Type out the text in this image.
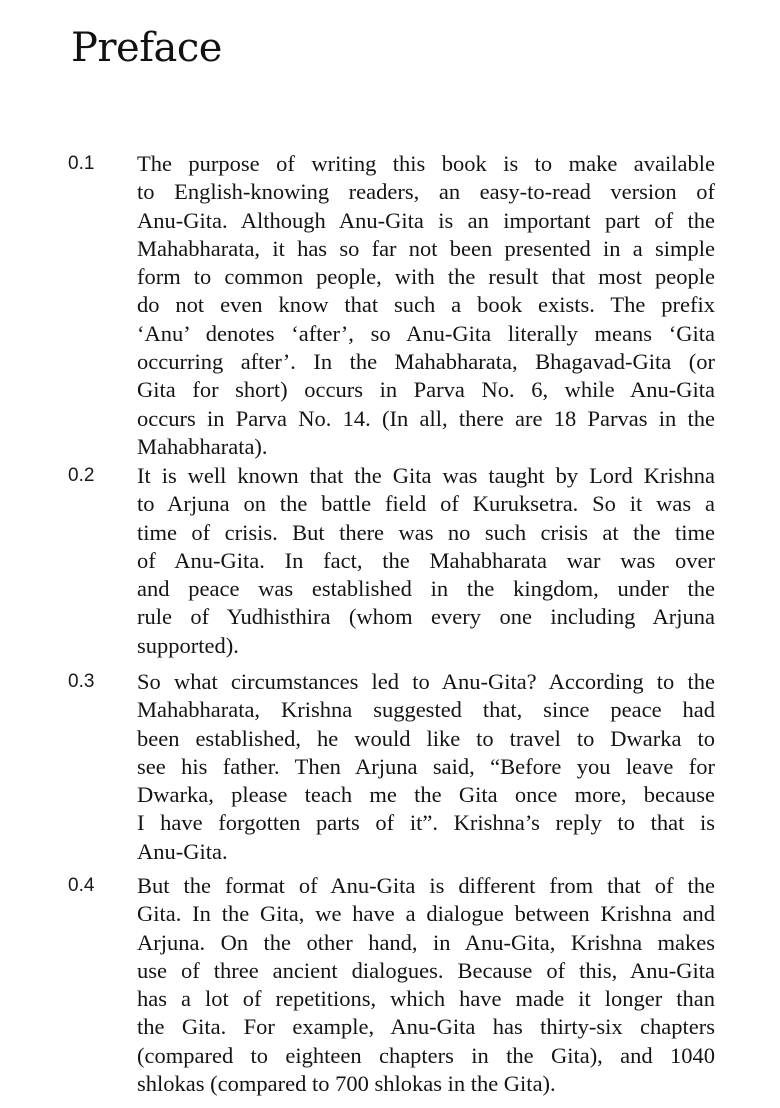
Preface
0.1 The purpose of writing this book is to make available
to English-knowing readers, an easy-to-read version of
Anu-Gita. Although Anu-Gita is an important part of the
Mahabharata, it has so far not been presented in a simple
form to common people, with the result that most people
do not even know that such a book exists. The prefix
‘Anu’ denotes ‘after’, so Anu-Gita literally means ‘Gita
occurring after’. In the Mahabharata, Bhagavad-Gita (or
Gita for short) occurs in Parva No. 6, while Anu-Gita
occurs in Parva No. 14. (In all, there are 18 Parvas in the
Mahabharata).
0.2 It is well known that the Gita was taught by Lord Krishna
to Arjuna on the battle field of Kuruksetra. So it was a
time of crisis. But there was no such crisis at the time
of Anu-Gita. In fact, the Mahabharata war was over
and peace was established in the kingdom, under the
rule of Yudhisthira (whom every one including Arjuna
supported).
0.3 So what circumstances led to Anu-Gita? According to the
Mahabharata, Krishna suggested that, since peace had
been established, he would like to travel to Dwarka to
see his father. Then Arjuna said, “Before you leave for
Dwarka, please teach me the Gita once more, because
I have forgotten parts of it”. Krishna’s reply to that is
Anu-Gita.
0.4 But the format of Anu-Gita is different from that of the
Gita. In the Gita, we have a dialogue between Krishna and
Arjuna. On the other hand, in Anu-Gita, Krishna makes
use of three ancient dialogues. Because of this, Anu-Gita
has a lot of repetitions, which have made it longer than
the Gita. For example, Anu-Gita has thirty-six chapters
(compared to eighteen chapters in the Gita), and 1040
shlokas (compared to 700 shlokas in the Gita).
